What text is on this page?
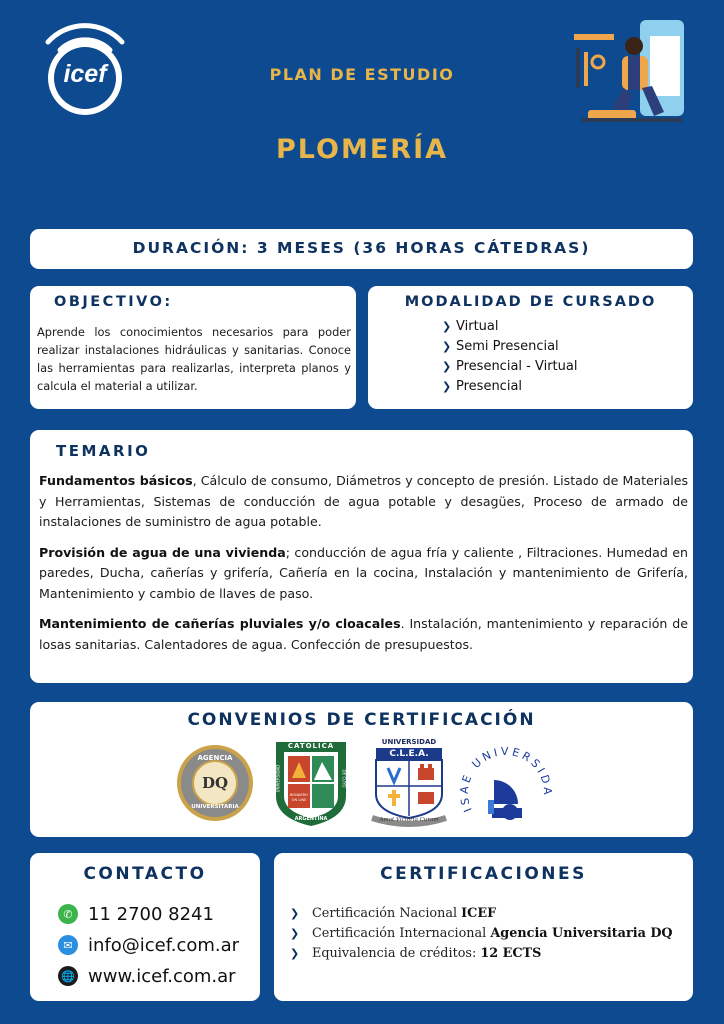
icef	PLAN DE ESTUDIO
PLOMERÍA
DURACIÓN: 3 MESES (36 HORAS CÁTEDRAS)
OBJECTIVO:
Aprende los conocimientos necesarios para poder realizar instalaciones hidráulicas y sanitarias. Conoce las herramientas para realizarlas, interpreta planos y calcula el material a utilizar.
MODALIDAD DE CURSADO
❯ Virtual
❯ Semi Presencial
❯ Presencial - Virtual
❯ Presencial
TEMARIO

Fundamentos básicos, Cálculo de consumo, Diámetros y concepto de presión. Listado de Materiales y Herramientas, Sistemas de conducción de agua potable y desagües, Proceso de armado de instalaciones de suministro de agua potable.

Provisión de agua de una vivienda; conducción de agua fría y caliente , Filtraciones. Humedad en paredes, Ducha, cañerías y grifería, Cañería en la cocina, Instalación y mantenimiento de Grifería, Mantenimiento y cambio de llaves de paso.

Mantenimiento de cañerías pluviales y/o cloacales. Instalación, mantenimiento y reparación de losas sanitarias. Calentadores de agua. Confección de presupuestos.

CONVENIOS DE CERTIFICACIÓN
AGENCIA
DQ
UNIVERSITARIA
CATOLICA
BONAERO ON LINE
UNIVERSIDAD	DE CUYO
ARGENTINA
UNIVERSIDAD
C.L.E.A.
Amat Victoria Curam
ISAE UNIVERSIDA
CONTACTO
✆ 11 2700 8241
✉ info@icef.com.ar
🌐 www.icef.com.ar
CERTIFICACIONES
❯ Certificación Nacional ICEF
❯ Certificación Internacional Agencia Universitaria DQ
❯ Equivalencia de créditos: 12 ECTS
